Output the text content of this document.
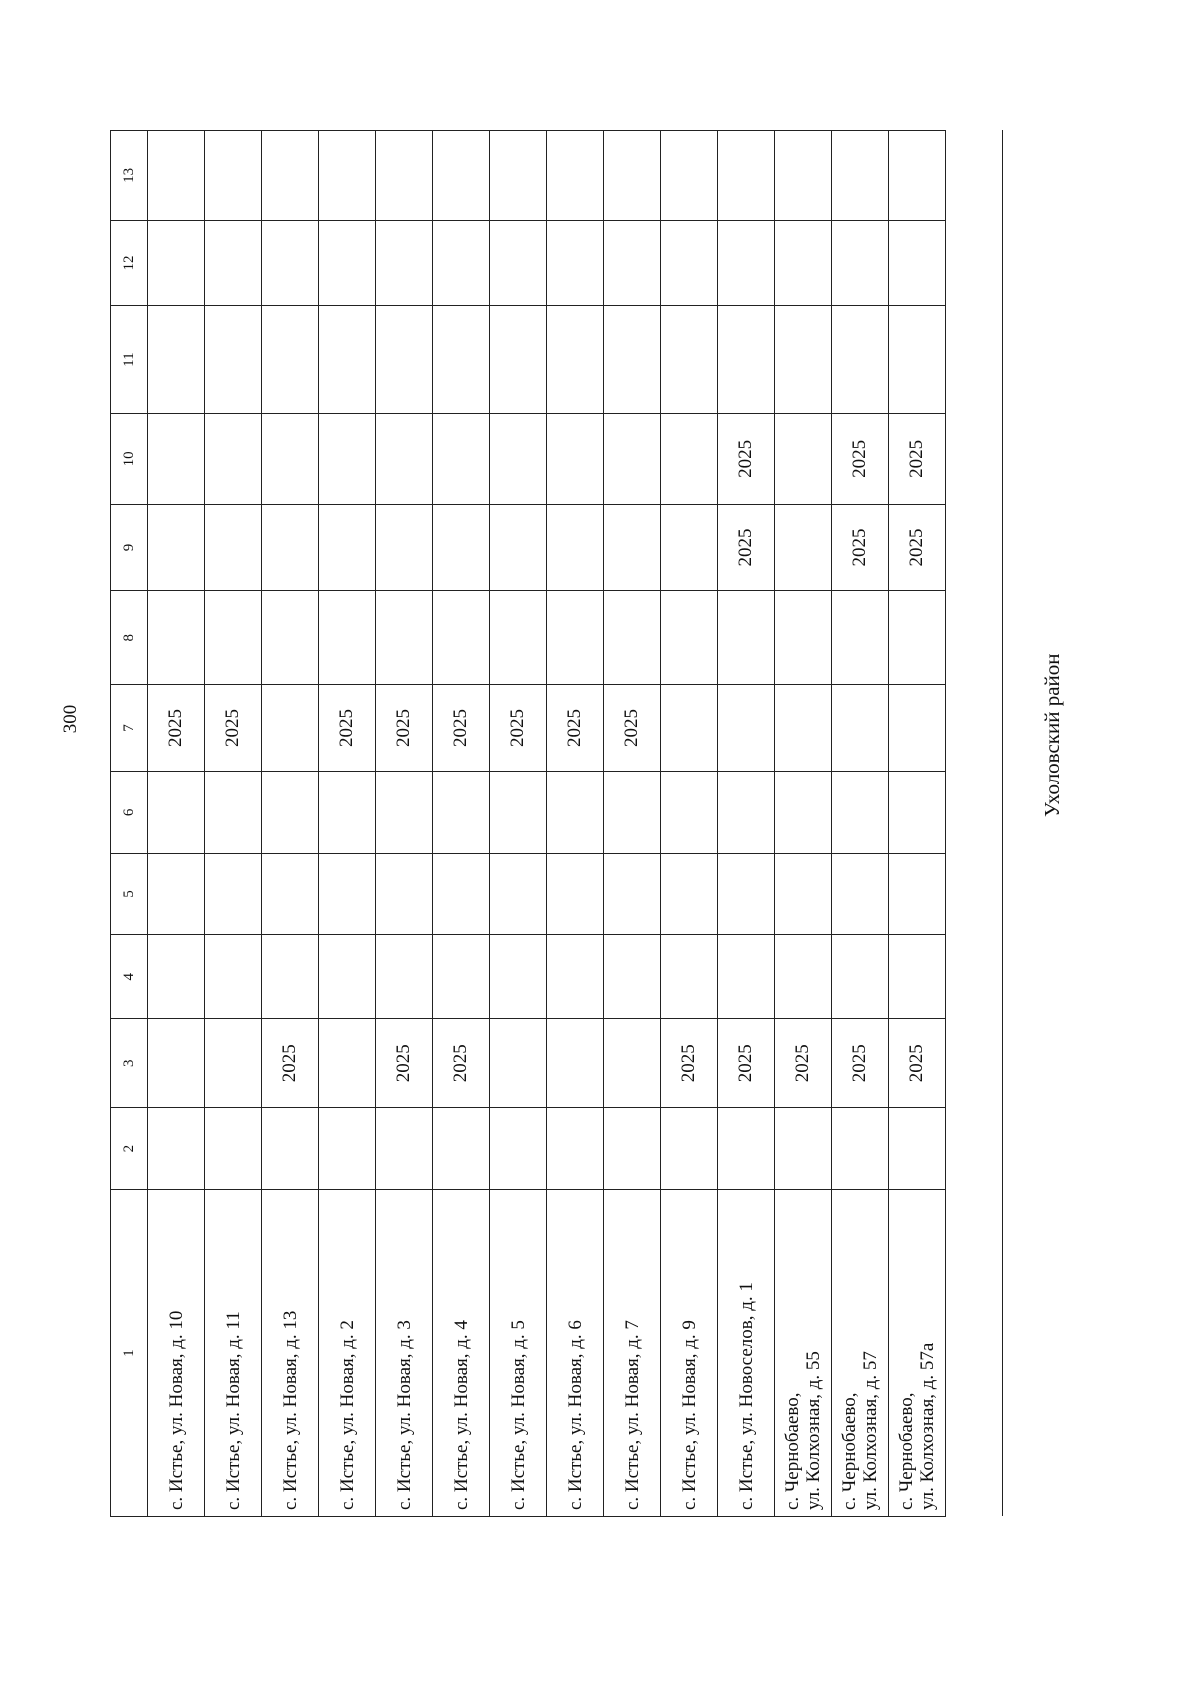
300
1	2	3	4	5	6	7	8	9	10	11	12	13

с. Истье, ул. Новая, д. 10						2025						

с. Истье, ул. Новая, д. 11						2025						

с. Истье, ул. Новая, д. 13		2025										

с. Истье, ул. Новая, д. 2						2025						

с. Истье, ул. Новая, д. 3		2025				2025						

с. Истье, ул. Новая, д. 4		2025				2025						

с. Истье, ул. Новая, д. 5						2025						

с. Истье, ул. Новая, д. 6						2025						

с. Истье, ул. Новая, д. 7						2025						

с. Истье, ул. Новая, д. 9		2025										

с. Истье, ул. Новоселов, д. 1		2025						2025	2025			

с. Чернобаево, ул. Колхозная, д. 55		2025										

с. Чернобаево, ул. Колхозная, д. 57		2025						2025	2025			

с. Чернобаево, ул. Колхозная, д. 57а		2025						2025	2025			

Ухоловский район
